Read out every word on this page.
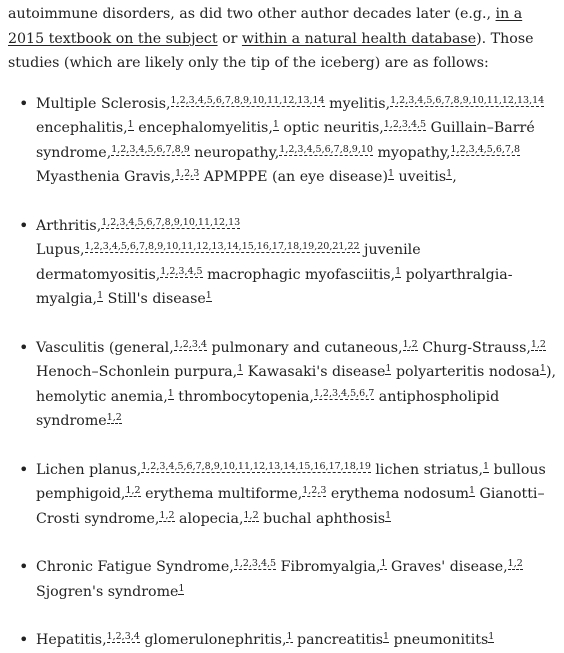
autoimmune disorders, as did two other author decades later (e.g., in a 2015 textbook on the subject or within a natural health database). Those studies (which are likely only the tip of the iceberg) are as follows:

• Multiple Sclerosis,$^{1,2,3,4,5,6,7,8,9,10,11,12,13,14}$ myelitis,$^{1,2,3,4,5,6,7,8,9,10,11,12,13,14}$ encephalitis,$^1$ encephalomyelitis,$^1$ optic neuritis,$^{1,2,3,4,5}$ Guillain–Barré syndrome,$^{1,2,3,4,5,6,7,8,9}$ neuropathy,$^{1,2,3,4,5,6,7,8,9,10}$ myopathy,$^{1,2,3,4,5,6,7,8}$ Myasthenia Gravis,$^{1,2,3}$ APMPPE (an eye disease)$^1$ uveitis$^1$,
• Arthritis,$^{1,2,3,4,5,6,7,8,9,10,11,12,13}$ Lupus,$^{1,2,3,4,5,6,7,8,9,10,11,12,13,14,15,16,17,18,19,20,21,22}$ juvenile dermatomyositis,$^{1,2,3,4,5}$ macrophagic myofasciitis,$^1$ polyarthralgia-myalgia,$^1$ Still's disease$^1$
• Vasculitis (general,$^{1,2,3,4}$ pulmonary and cutaneous,$^{1,2}$ Churg-Strauss,$^{1,2}$ Henoch–Schonlein purpura,$^1$ Kawasaki's disease$^1$ polyarteritis nodosa$^1$), hemolytic anemia,$^1$ thrombocytopenia,$^{1,2,3,4,5,6,7}$ antiphospholipid syndrome$^{1,2}$
• Lichen planus,$^{1,2,3,4,5,6,7,8,9,10,11,12,13,14,15,16,17,18,19}$ lichen striatus,$^1$ bullous pemphigoid,$^{1,2}$ erythema multiforme,$^{1,2,3}$ erythema nodosum$^1$ Gianotti–Crosti syndrome,$^{1,2}$ alopecia,$^{1,2}$ buchal aphthosis$^1$
• Chronic Fatigue Syndrome,$^{1,2,3,4,5}$ Fibromyalgia,$^1$ Graves' disease,$^{1,2}$ Sjogren's syndrome$^1$
• Hepatitis,$^{1,2,3,4}$ glomerulonephritis,$^1$ pancreatitis$^1$ pneumonitits$^1$
